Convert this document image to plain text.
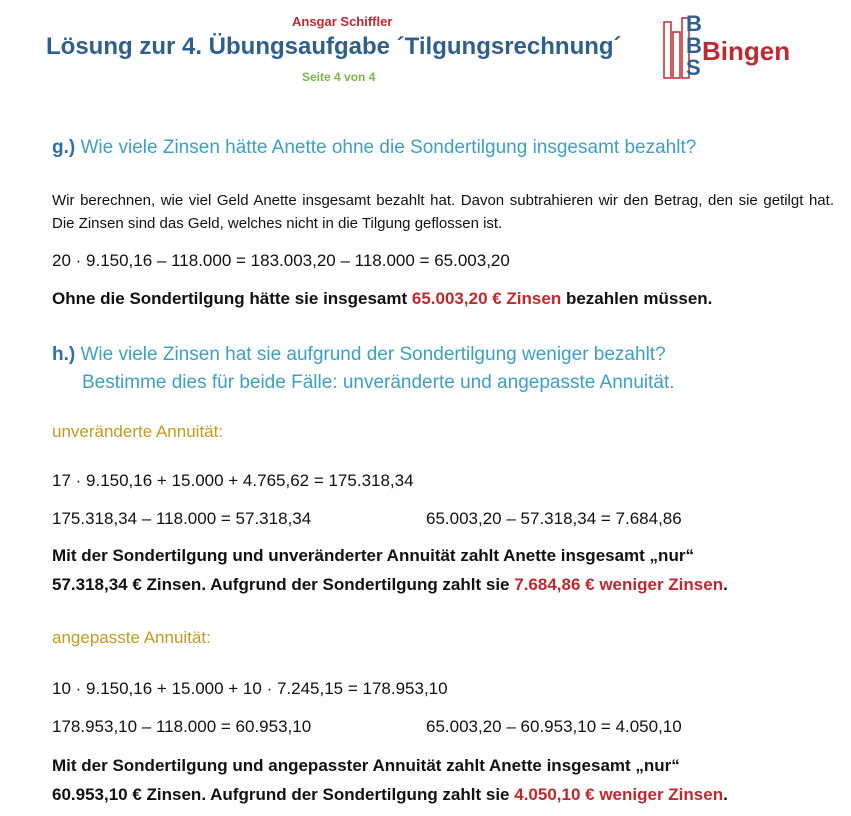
Ansgar Schiffler
Lösung zur 4. Übungsaufgabe ´Tilgungsrechnung´
Seite 4 von 4
B
B
S
Bingen
g.) Wie viele Zinsen hätte Anette ohne die Sondertilgung insgesamt bezahlt?
Wir berechnen, wie viel Geld Anette insgesamt bezahlt hat. Davon subtrahieren wir den Betrag, den sie getilgt hat. Die Zinsen sind das Geld, welches nicht in die Tilgung geflossen ist.
20 · 9.150,16 – 118.000 = 183.003,20 – 118.000 = 65.003,20
Ohne die Sondertilgung hätte sie insgesamt 65.003,20 € Zinsen bezahlen müssen.
h.) Wie viele Zinsen hat sie aufgrund der Sondertilgung weniger bezahlt?
Bestimme dies für beide Fälle: unveränderte und angepasste Annuität.
unveränderte Annuität:
17 · 9.150,16 + 15.000 + 4.765,62 = 175.318,34
175.318,34 – 118.000 = 57.318,34	65.003,20 – 57.318,34 = 7.684,86
Mit der Sondertilgung und unveränderter Annuität zahlt Anette insgesamt „nur“
57.318,34 € Zinsen. Aufgrund der Sondertilgung zahlt sie 7.684,86 € weniger Zinsen.
angepasste Annuität:
10 · 9.150,16 + 15.000 + 10 · 7.245,15 = 178.953,10
178.953,10 – 118.000 = 60.953,10	65.003,20 – 60.953,10 = 4.050,10
Mit der Sondertilgung und angepasster Annuität zahlt Anette insgesamt „nur“
60.953,10 € Zinsen. Aufgrund der Sondertilgung zahlt sie 4.050,10 € weniger Zinsen.
